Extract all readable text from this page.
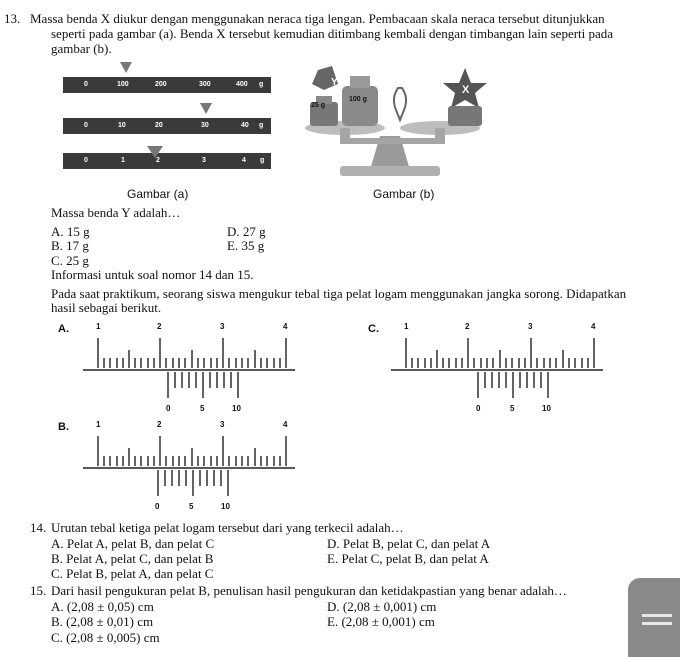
13. Massa benda X diukur dengan menggunakan neraca tiga lengan. Pembacaan skala neraca tersebut ditunjukkan
seperti pada gambar (a). Benda X tersebut kemudian ditimbang kembali dengan timbangan lain seperti pada
gambar (b).
0	100	200	300	400 g
0	10	20	30	40 g
0	1	2	3	4 g
Gambar (a)
Y
25 g
100 g
X
Gambar (b)
Massa benda Y adalah…
A. 15 g	D. 27 g
B. 17 g	E. 35 g
C. 25 g
Informasi untuk soal nomor 14 dan 15.
Pada saat praktikum, seorang siswa mengukur tebal tiga pelat logam menggunakan jangka sorong. Didapatkan
hasil sebagai berikut.
A.	1	2	3	4
0	5	10
C.	1	2	3	4
0	5	10
B.	1	2	3	4
0	5	10
14. Urutan tebal ketiga pelat logam tersebut dari yang terkecil adalah…
A. Pelat A, pelat B, dan pelat C	D. Pelat B, pelat C, dan pelat A
B. Pelat A, pelat C, dan pelat B	E. Pelat C, pelat B, dan pelat A
C. Pelat B, pelat A, dan pelat C
15. Dari hasil pengukuran pelat B, penulisan hasil pengukuran dan ketidakpastian yang benar adalah…
A. (2,08 ± 0,05) cm	D. (2,08 ± 0,001) cm
B. (2,08 ± 0,01) cm	E. (2,08 ± 0,001) cm
C. (2,08 ± 0,005) cm
